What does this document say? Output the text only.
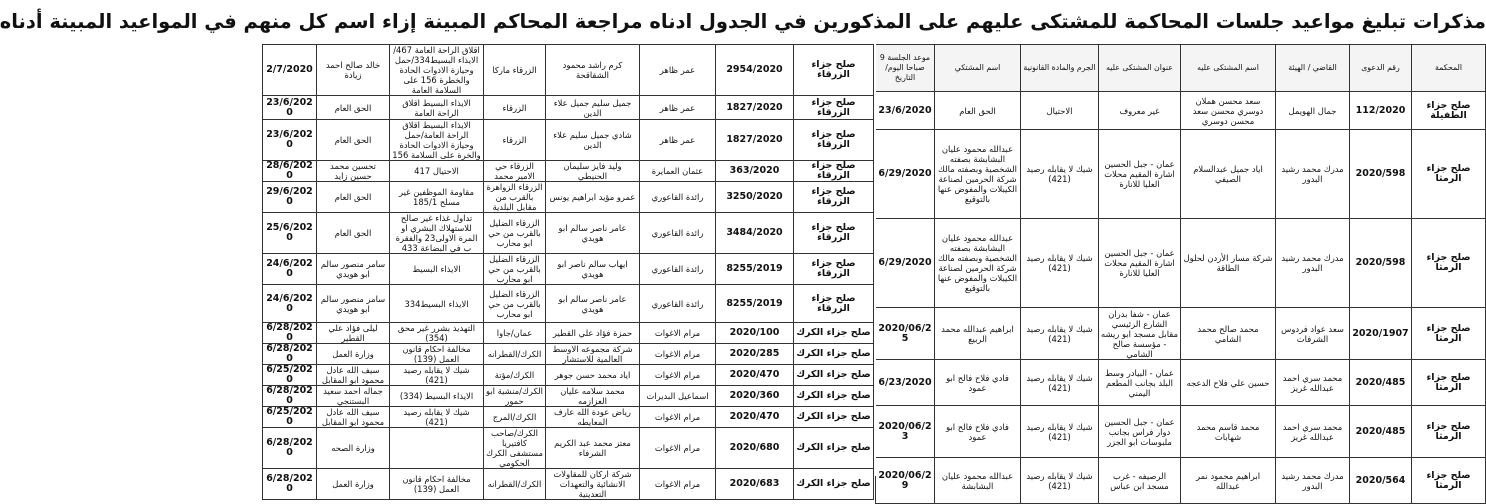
مذكرات تبليغ مواعيد جلسات المحاكمة للمشتكى عليهم على المذكورين في الجدول ادناه مراجعة المحاكم المبينة إزاء اسم كل منهم في المواعيد المبينة أدناه
المحكمة	رقم الدعوى	القاضي / الهيئة	اسم المشتكى عليه	عنوان المشتكى عليه	الجرم والمادة القانونية	اسم المشتكي	موعد الجلسة 9 صباحا اليوم/التاريخ
صلح جزاء الطفيلة	112/2020	جمال الهويمل	سعد محسن هملان دوسري محسن سعد محسن دوسري	غير معروف	الاحتيال	الحق العام	23/6/2020
صلح جزاء الرمثا	2020/598	مدرك محمد رشيد البدور	اياد جميل عبدالسلام الصيفي	عمان - جبل الحسين اشارة المقيم محلات العليا للانارة	شيك لا يقابله رصيد (421)	عبدالله محمود عليان البشابشة بصفته الشخصية وبصفته مالك شركة الحرمين لصناعة الكيبلات والمفوض عنها بالتوقيع	6/29/2020
صلح جزاء الرمثا	2020/598	مدرك محمد رشيد البدور	شركة مسار الأردن لحلول الطاقة	عمان - جبل الحسين اشارة المقيم محلات العليا للانارة	شيك لا يقابله رصيد (421)	عبدالله محمود عليان البشابشة بصفته الشخصية وبصفته مالك شركة الحرمين لصناعة الكيبلات والمفوض عنها بالتوقيع	6/29/2020
صلح جزاء الرمثا	2020/1907	سعد عواد فردوس الشرفات	محمد صالح محمد الشامي	عمان - شفا بدران الشارع الرئيسي مقابل مسجد ابو ريشه - مؤسسة صالح الشامي	شيك لا يقابله رصيد (421)	ابراهيم عبدالله محمد الربيع	2020/06/25
صلح جزاء الرمثا	2020/485	محمد سري احمد عبدالله غريز	حسين علي فلاح الدعجه	عمان - البيادر وسط البلد بجانب المطعم اليمني	شيك لا يقابله رصيد (421)	فادي فلاح فالح ابو عمود	6/23/2020
صلح جزاء الرمثا	2020/485	محمد سري احمد عبدالله غريز	محمد قاسم محمد شهابات	عمان - جبل الحسين دوار فراس بجانب ملبوسات ابو الجزر	شيك لا يقابله رصيد (421)	فادي فلاح فالح ابو عمود	2020/06/23
صلح جزاء الرمثا	2020/564	مدرك محمد رشيد البدور	ابراهيم محمود نمر عبدالله	الرصيفه - غرب مسجد ابن عباس	شيك لا يقابله رصيد (421)	عبدالله محمود عليان البشابشة	2020/06/29
صلح جزاء الزرقاء	2954/2020	عمر ظاهر	كرم راشد محمود الشقاقحة	الزرقاء ماركا	اقلاق الراحة العامة 467/الايذاء البسيط334/حمل وحيازة الادوات الحادة والخطرة 156 على السلامة العامة	خالد صالح احمد زيادة	2/7/2020
صلح جزاء الزرقاء	1827/2020	عمر ظاهر	جميل سليم جميل علاء الدين	الزرقاء	الايذاء البسيط اقلاق الراحة العامة	الحق العام	23/6/2020
صلح جزاء الزرقاء	1827/2020	عمر ظاهر	شادي جميل سليم علاء الدين	الزرقاء	الايذاء البسيط اقلاق الراحة العامة/حمل وحيازة الادوات الحادة والخرة على السلامة 156	الحق العام	23/6/2020
صلح جزاء الزرقاء	363/2020	عثمان العمايرة	وليد فايز سليمان الحنيطي	الزرقاء حي الامير محمد	الاحتيال 417	تحسين محمد حسين زايد	28/6/2020
صلح جزاء الزرقاء	3250/2020	رائدة القاعوري	عمرو مؤيد ابراهيم يونس	الزرقاء الزواهرة بالقرب من مقابل البلدية	مقاومة الموظفين غير مسلح 185/1	الحق العام	29/6/2020
صلح جزاء الزرقاء	3484/2020	رائدة القاعوري	عامر ناصر سالم ابو هويدي	الزرقاء الضليل بالقرب من حي ابو محارب	تداول غذاء غير صالح للاستهلاك البشري او المرة الاولى23 والفقرة ب في البضاعة 433	الحق العام	25/6/2020
صلح جزاء الزرقاء	8255/2019	رائدة القاعوري	ايهاب سالم ناصر ابو هويدي	الزرقاء الضليل بالقرب من حي ابو محارب	الايذاء البسيط	سامر منصور سالم ابو هويدي	24/6/2020
صلح جزاء الزرقاء	8255/2019	رائدة القاعوري	عامر ناصر سالم ابو هويدي	الزرقاء الضليل بالقرب من حي ابو محارب	الايذاء البسيط334	سامر منصور سالم ابو هويدي	24/6/2020
صلح جزاء الكرك	2020/100	مرام الاغوات	حمزة فؤاد علي القطير	عمان/جاوا	التهديد بشرر غير محق (354)	ليلى فؤاد علي القطير	6/28/2020
صلح جزاء الكرك	2020/285	مرام الاغوات	شركة مجموعه الاوسط العالمية للاستشار	الكرك/القطرانه	مخالفة احكام قانون العمل (139)	وزارة العمل	6/28/2020
صلح جزاء الكرك	2020/470	مرام الاغوات	اياد محمد حسن جوهر	الكرك/مؤتة	شيك لا يقابله رصيد (421)	سيف الله عادل محمود ابو المقابل	6/25/2020
صلح جزاء الكرك	2020/360	اسماعيل البديرات	محمد سلامه عليان العزازمه	الكرك/منشية ابو حمور	الايذاء البسيط (334)	جماله احمد سعيد البستنجي	6/28/2020
صلح جزاء الكرك	2020/470	مرام الاغوات	رياض عودة الله عارف المعايطه	الكرك/المرج	شيك لا يقابله رصيد (421)	سيف الله عادل محمود ابو المقابل	6/25/2020
صلح جزاء الكرك	2020/680	مرام الاغوات	معتز محمد عبد الكريم الشرفاء	الكرك/صاحب كافتيريا مستشفى الكرك الحكومي		وزارة الصحه	6/28/2020
صلح جزاء الكرك	2020/683	مرام الاغوات	شركة اركان للمقاولات الانشائية والتعهدات التعدينية	الكرك/القطرانه	مخالفة احكام قانون العمل (139)	وزارة العمل	6/28/2020
